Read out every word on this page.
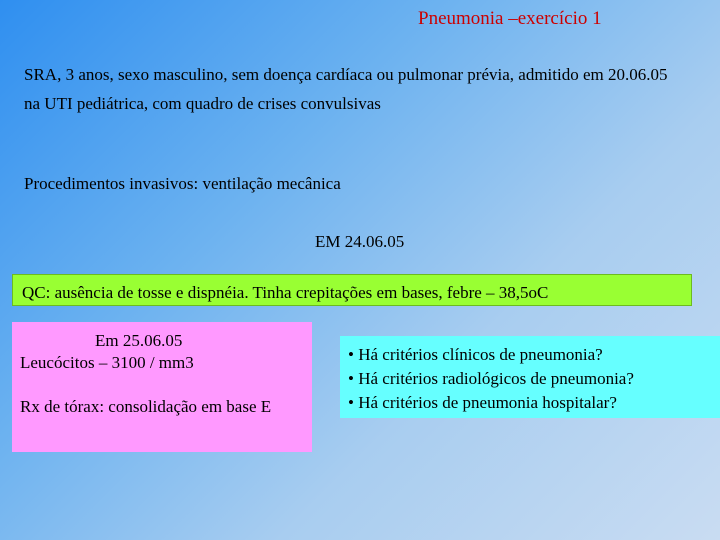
Pneumonia –exercício 1
SRA, 3 anos, sexo masculino, sem doença cardíaca ou pulmonar prévia, admitido em 20.06.05 na UTI pediátrica, com quadro de crises convulsivas
Procedimentos invasivos: ventilação mecânica
EM 24.06.05
QC: ausência de tosse e dispnéia. Tinha crepitações em bases, febre – 38,5oC
Em 25.06.05
Leucócitos – 3100 / mm3
Rx de tórax: consolidação em base E
• Há critérios clínicos de pneumonia?
• Há critérios radiológicos de pneumonia?
• Há critérios de pneumonia hospitalar?
